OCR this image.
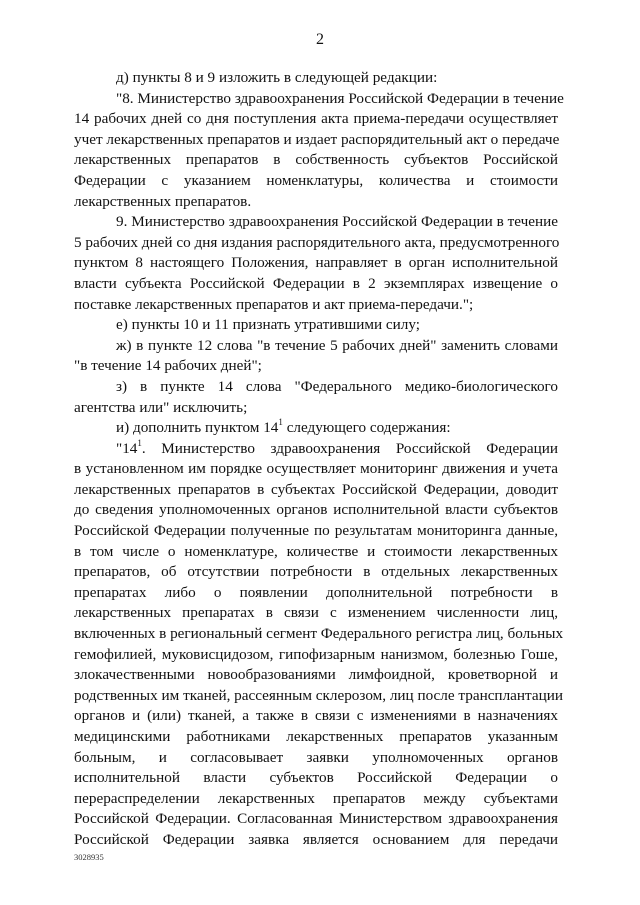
2
д) пункты 8 и 9 изложить в следующей редакции:
"8. Министерство здравоохранения Российской Федерации в течение
14 рабочих дней со дня поступления акта приема-передачи осуществляет
учет лекарственных препаратов и издает распорядительный акт о передаче
лекарственных препаратов в собственность субъектов Российской
Федерации с указанием номенклатуры, количества и стоимости
лекарственных препаратов.
9. Министерство здравоохранения Российской Федерации в течение
5 рабочих дней со дня издания распорядительного акта, предусмотренного
пунктом 8 настоящего Положения, направляет в орган исполнительной
власти субъекта Российской Федерации в 2 экземплярах извещение о
поставке лекарственных препаратов и акт приема-передачи.";
е) пункты 10 и 11 признать утратившими силу;
ж) в пункте 12 слова "в течение 5 рабочих дней" заменить словами
"в течение 14 рабочих дней";
з) в пункте 14 слова "Федерального медико-биологического
агентства или" исключить;
и) дополнить пунктом $14^1$ следующего содержания:
"$14^1$. Министерство здравоохранения Российской Федерации
в установленном им порядке осуществляет мониторинг движения и учета
лекарственных препаратов в субъектах Российской Федерации, доводит
до сведения уполномоченных органов исполнительной власти субъектов
Российской Федерации полученные по результатам мониторинга данные,
в том числе о номенклатуре, количестве и стоимости лекарственных
препаратов, об отсутствии потребности в отдельных лекарственных
препаратах либо о появлении дополнительной потребности в
лекарственных препаратах в связи с изменением численности лиц,
включенных в региональный сегмент Федерального регистра лиц, больных
гемофилией, муковисцидозом, гипофизарным нанизмом, болезнью Гоше,
злокачественными новообразованиями лимфоидной, кроветворной и
родственных им тканей, рассеянным склерозом, лиц после трансплантации
органов и (или) тканей, а также в связи с изменениями в назначениях
медицинскими работниками лекарственных препаратов указанным
больным, и согласовывает заявки уполномоченных органов
исполнительной власти субъектов Российской Федерации о
перераспределении лекарственных препаратов между субъектами
Российской Федерации. Согласованная Министерством здравоохранения
Российской Федерации заявка является основанием для передачи
3028935
